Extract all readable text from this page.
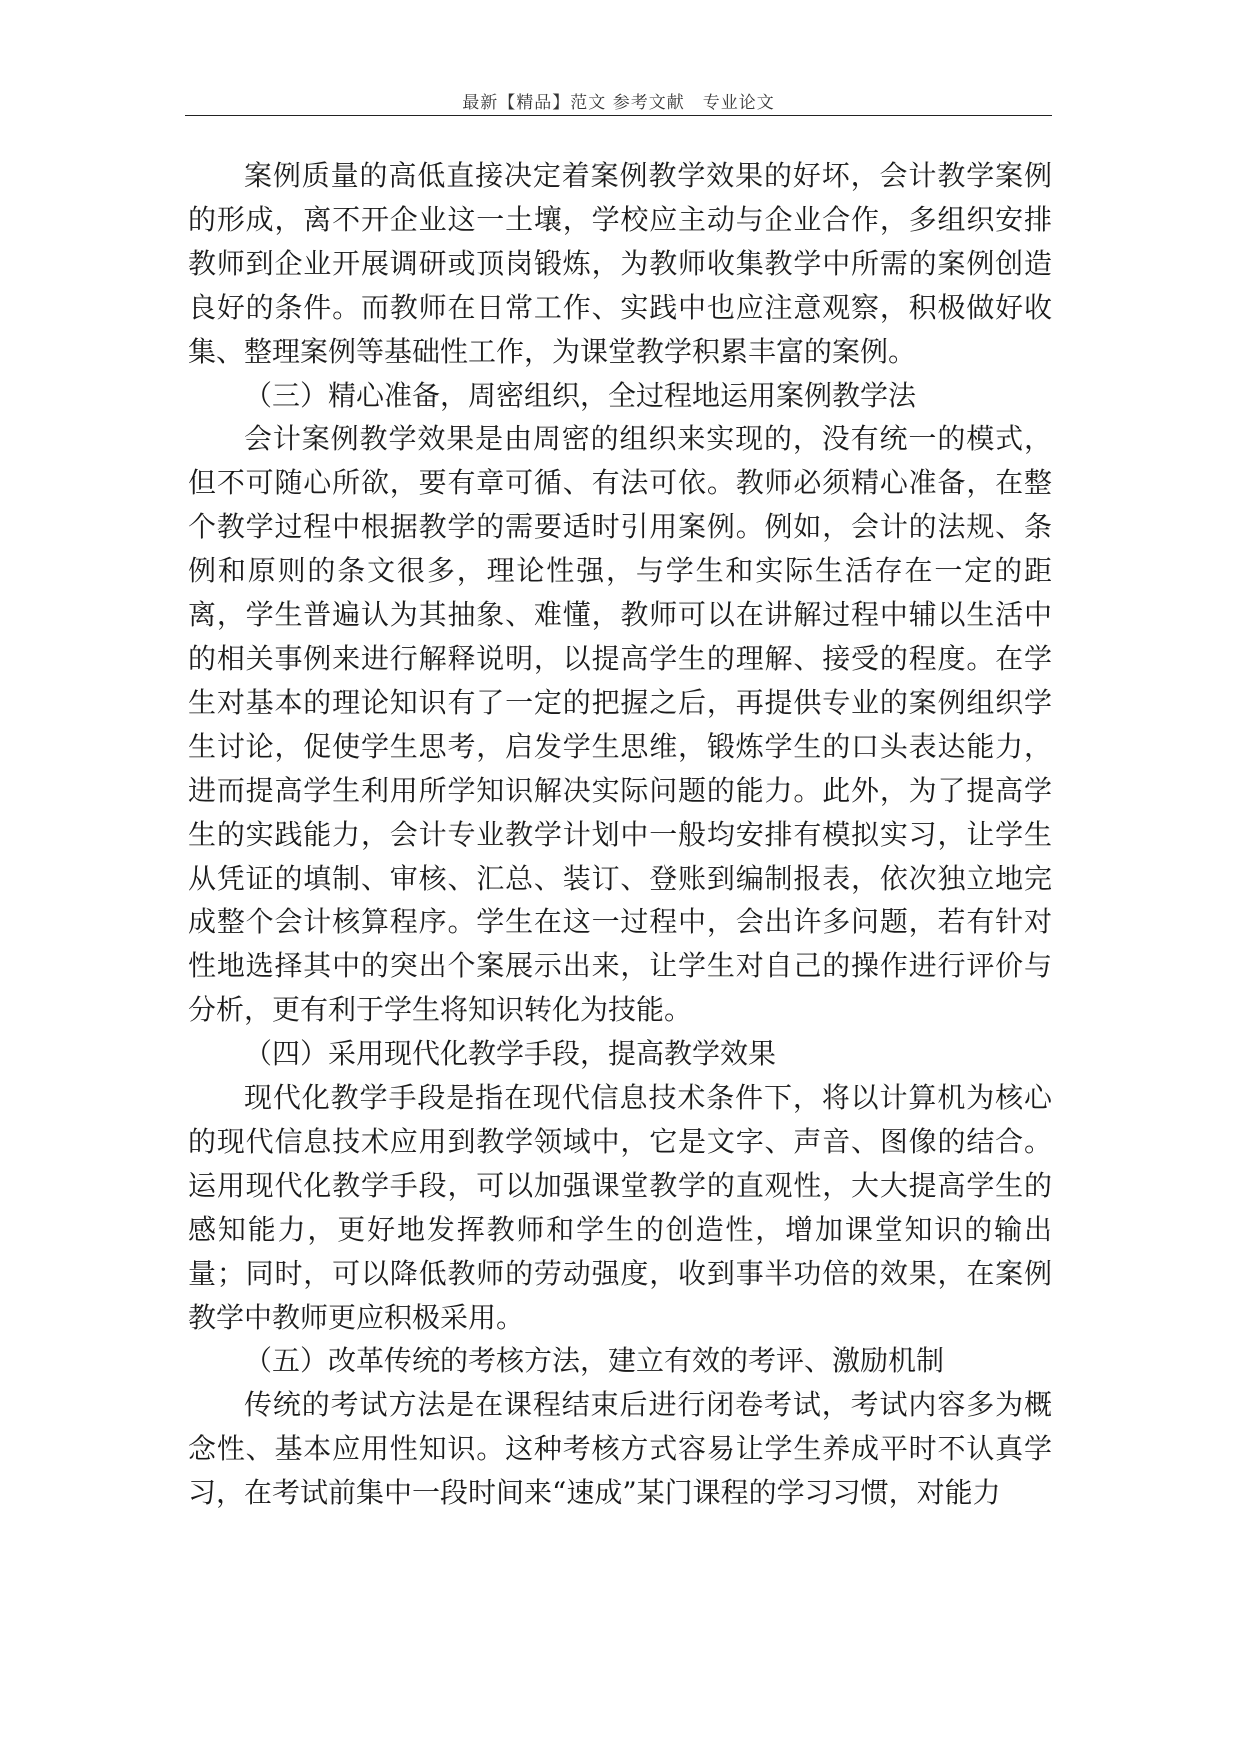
最新【精品】范文 参考文献　专业论文

案例质量的高低直接决定着案例教学效果的好坏，会计教学案例的形成，离不开企业这一土壤，学校应主动与企业合作，多组织安排教师到企业开展调研或顶岗锻炼，为教师收集教学中所需的案例创造良好的条件。而教师在日常工作、实践中也应注意观察，积极做好收集、整理案例等基础性工作，为课堂教学积累丰富的案例。

（三）精心准备，周密组织，全过程地运用案例教学法

会计案例教学效果是由周密的组织来实现的，没有统一的模式，但不可随心所欲，要有章可循、有法可依。教师必须精心准备，在整个教学过程中根据教学的需要适时引用案例。例如，会计的法规、条例和原则的条文很多，理论性强，与学生和实际生活存在一定的距离，学生普遍认为其抽象、难懂，教师可以在讲解过程中辅以生活中的相关事例来进行解释说明，以提高学生的理解、接受的程度。在学生对基本的理论知识有了一定的把握之后，再提供专业的案例组织学生讨论，促使学生思考，启发学生思维，锻炼学生的口头表达能力，进而提高学生利用所学知识解决实际问题的能力。此外，为了提高学生的实践能力，会计专业教学计划中一般均安排有模拟实习，让学生从凭证的填制、审核、汇总、装订、登账到编制报表，依次独立地完成整个会计核算程序。学生在这一过程中，会出许多问题，若有针对性地选择其中的突出个案展示出来，让学生对自己的操作进行评价与分析，更有利于学生将知识转化为技能。

（四）采用现代化教学手段，提高教学效果

现代化教学手段是指在现代信息技术条件下，将以计算机为核心的现代信息技术应用到教学领域中，它是文字、声音、图像的结合。运用现代化教学手段，可以加强课堂教学的直观性，大大提高学生的感知能力，更好地发挥教师和学生的创造性，增加课堂知识的输出量；同时，可以降低教师的劳动强度，收到事半功倍的效果，在案例教学中教师更应积极采用。

（五）改革传统的考核方法，建立有效的考评、激励机制

传统的考试方法是在课程结束后进行闭卷考试，考试内容多为概念性、基本应用性知识。这种考核方式容易让学生养成平时不认真学习，在考试前集中一段时间来“速成”某门课程的学习习惯，对能力
